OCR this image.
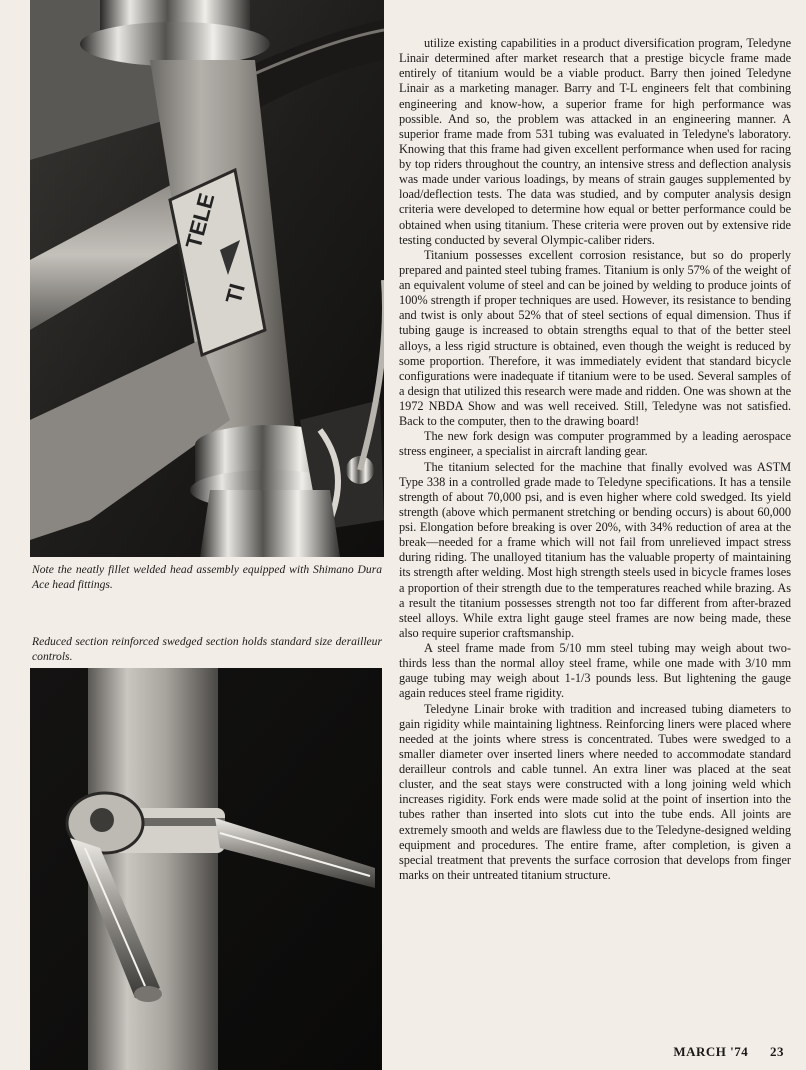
TELE
TI

Note the neatly fillet welded head assembly equipped with Shimano Dura Ace head fittings.

Reduced section reinforced swedged section holds standard size derailleur controls.

utilize existing capabilities in a product diversification program, Teledyne Linair determined after market research that a prestige bicycle frame made entirely of titanium would be a viable product. Barry then joined Teledyne Linair as a marketing manager. Barry and T-L engineers felt that combining engineering and know-how, a superior frame for high performance was possible. And so, the problem was attacked in an engineering manner. A superior frame made from 531 tubing was evaluated in Teledyne's laboratory. Knowing that this frame had given excellent performance when used for racing by top riders throughout the country, an intensive stress and deflection analysis was made under various loadings, by means of strain gauges supplemented by load/deflection tests. The data was studied, and by computer analysis design criteria were developed to determine how equal or better performance could be obtained when using titanium. These criteria were proven out by extensive ride testing conducted by several Olympic-caliber riders.

Titanium possesses excellent corrosion resistance, but so do properly prepared and painted steel tubing frames. Titanium is only 57% of the weight of an equivalent volume of steel and can be joined by welding to produce joints of 100% strength if proper techniques are used. However, its resistance to bending and twist is only about 52% that of steel sections of equal dimension. Thus if tubing gauge is increased to obtain strengths equal to that of the better steel alloys, a less rigid structure is obtained, even though the weight is reduced by some proportion. Therefore, it was immediately evident that standard bicycle configurations were inadequate if titanium were to be used. Several samples of a design that utilized this research were made and ridden. One was shown at the 1972 NBDA Show and was well received. Still, Teledyne was not satisfied. Back to the computer, then to the drawing board!

The new fork design was computer programmed by a leading aerospace stress engineer, a specialist in aircraft landing gear.

The titanium selected for the machine that finally evolved was ASTM Type 338 in a controlled grade made to Teledyne specifications. It has a tensile strength of about 70,000 psi, and is even higher where cold swedged. Its yield strength (above which permanent stretching or bending occurs) is about 60,000 psi. Elongation before breaking is over 20%, with 34% reduction of area at the break—needed for a frame which will not fail from unrelieved impact stress during riding. The unalloyed titanium has the valuable property of maintaining its strength after welding. Most high strength steels used in bicycle frames loses a proportion of their strength due to the temperatures reached while brazing. As a result the titanium possesses strength not too far different from after-brazed steel alloys. While extra light gauge steel frames are now being made, these also require superior craftsmanship.

A steel frame made from 5/10 mm steel tubing may weigh about two-thirds less than the normal alloy steel frame, while one made with 3/10 mm gauge tubing may weigh about 1-1/3 pounds less. But lightening the gauge again reduces steel frame rigidity.

Teledyne Linair broke with tradition and increased tubing diameters to gain rigidity while maintaining lightness. Reinforcing liners were placed where needed at the joints where stress is concentrated. Tubes were swedged to a smaller diameter over inserted liners where needed to accommodate standard derailleur controls and cable tunnel. An extra liner was placed at the seat cluster, and the seat stays were constructed with a long joining weld which increases rigidity. Fork ends were made solid at the point of insertion into the tubes rather than inserted into slots cut into the tube ends. All joints are extremely smooth and welds are flawless due to the Teledyne-designed welding equipment and procedures. The entire frame, after completion, is given a special treatment that prevents the surface corrosion that develops from finger marks on their untreated titanium structure.

MARCH '74 23
